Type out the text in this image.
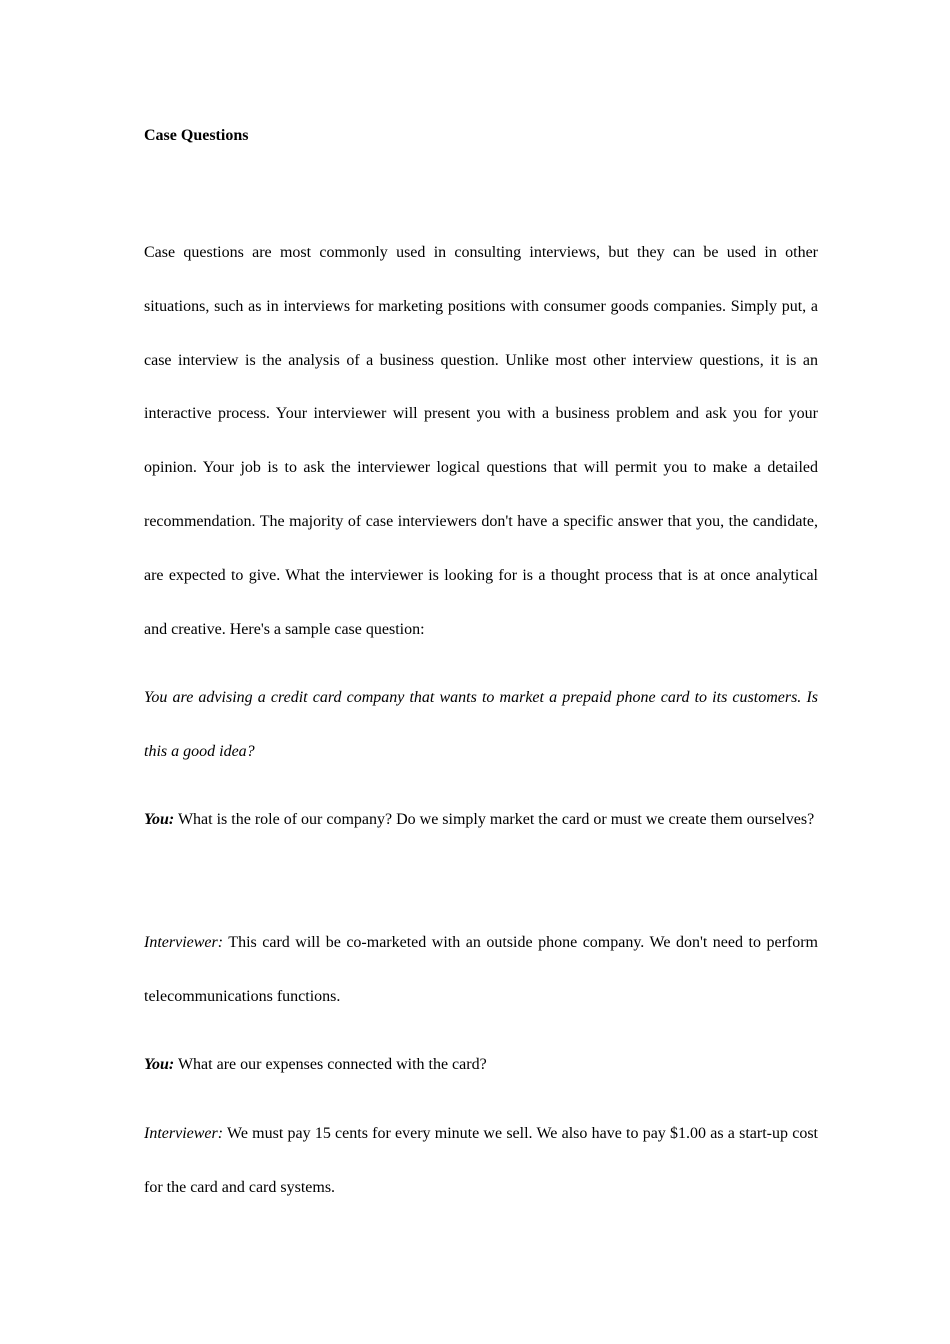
Case Questions

Case questions are most commonly used in consulting interviews, but they can be used in other situations, such as in interviews for marketing positions with consumer goods companies. Simply put, a case interview is the analysis of a business question. Unlike most other interview questions, it is an interactive process. Your interviewer will present you with a business problem and ask you for your opinion. Your job is to ask the interviewer logical questions that will permit you to make a detailed recommendation. The majority of case interviewers don't have a specific answer that you, the candidate, are expected to give. What the interviewer is looking for is a thought process that is at once analytical and creative. Here's a sample case question:

You are advising a credit card company that wants to market a prepaid phone card to its customers. Is this a good idea?

You: What is the role of our company? Do we simply market the card or must we create them ourselves?

Interviewer: This card will be co-marketed with an outside phone company. We don't need to perform telecommunications functions.

You: What are our expenses connected with the card?

Interviewer: We must pay 15 cents for every minute we sell. We also have to pay $1.00 as a start-up cost for the card and card systems.
